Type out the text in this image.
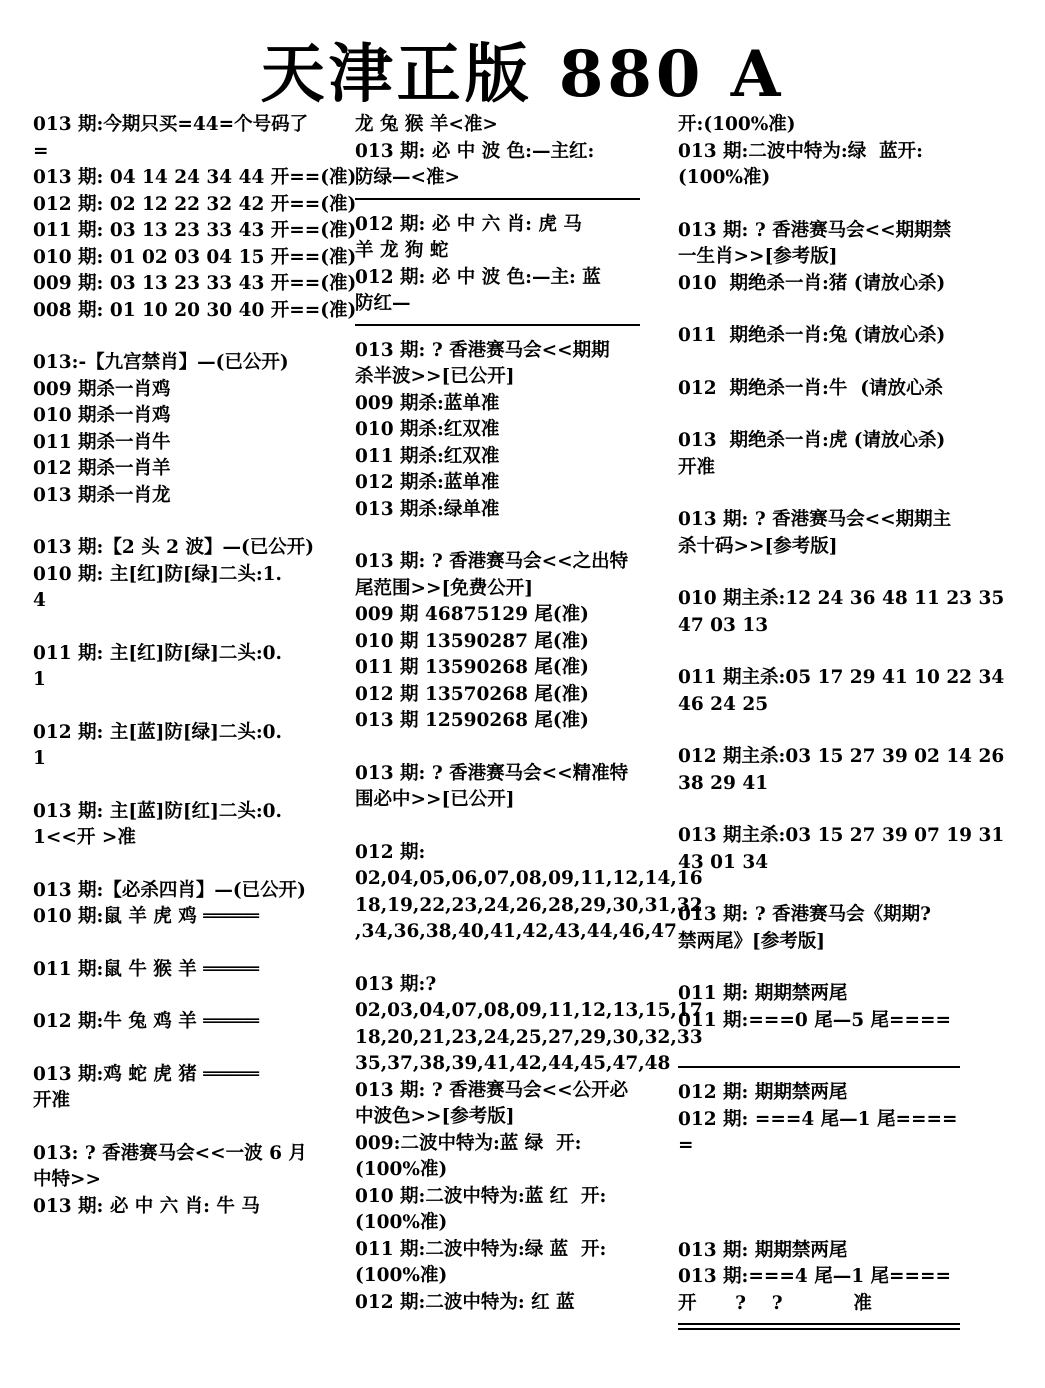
天津正版 880 A
013 期:今期只买=44=个号码了
=
013 期: 04 14 24 34 44 开==(准)
012 期: 02 12 22 32 42 开==(准)
011 期: 03 13 23 33 43 开==(准)
010 期: 01 02 03 04 15 开==(准)
009 期: 03 13 23 33 43 开==(准)
008 期: 01 10 20 30 40 开==(准)
013:-【九宫禁肖】—(已公开)
009 期杀一肖鸡
010 期杀一肖鸡
011 期杀一肖牛
012 期杀一肖羊
013 期杀一肖龙
013 期:【2 头 2 波】—(已公开)
010 期: 主[红]防[绿]二头:1.
4
011 期: 主[红]防[绿]二头:0.
1
012 期: 主[蓝]防[绿]二头:0.
1
013 期: 主[蓝]防[红]二头:0.
1<<开 >准
013 期:【必杀四肖】—(已公开)
010 期:鼠 羊 虎 鸡 ═════
011 期:鼠 牛 猴 羊 ═════
012 期:牛 兔 鸡 羊 ═════
013 期:鸡 蛇 虎 猪 ═════
开准
013: ? 香港赛马会<<一波 6 月
中特>>
013 期: 必 中 六 肖: 牛 马
龙 兔 猴 羊<准>
013 期: 必 中 波 色:—主红:
防绿—<准>
012 期: 必 中 六 肖: 虎 马
羊 龙 狗 蛇
012 期: 必 中 波 色:—主: 蓝
防红—
013 期: ? 香港赛马会<<期期
杀半波>>[已公开]
009 期杀:蓝单准
010 期杀:红双准
011 期杀:红双准
012 期杀:蓝单准
013 期杀:绿单准
013 期: ? 香港赛马会<<之出特
尾范围>>[免费公开]
009 期 46875129 尾(准)
010 期 13590287 尾(准)
011 期 13590268 尾(准)
012 期 13570268 尾(准)
013 期 12590268 尾(准)
013 期: ? 香港赛马会<<精准特
围必中>>[已公开]
012 期:
02,04,05,06,07,08,09,11,12,14,16
18,19,22,23,24,26,28,29,30,31,32
,34,36,38,40,41,42,43,44,46,47
013 期:?
02,03,04,07,08,09,11,12,13,15,17
18,20,21,23,24,25,27,29,30,32,33
35,37,38,39,41,42,44,45,47,48
013 期: ? 香港赛马会<<公开必
中波色>>[参考版]
009:二波中特为:蓝 绿  开:
(100%准)
010 期:二波中特为:蓝 红  开:
(100%准)
011 期:二波中特为:绿 蓝  开:
(100%准)
012 期:二波中特为: 红 蓝
开:(100%准)
013 期:二波中特为:绿  蓝开:
(100%准)
013 期: ? 香港赛马会<<期期禁
一生肖>>[参考版]
010  期绝杀一肖:猪 (请放心杀)
011  期绝杀一肖:兔 (请放心杀)
012  期绝杀一肖:牛  (请放心杀
013  期绝杀一肖:虎 (请放心杀)
开准
013 期: ? 香港赛马会<<期期主
杀十码>>[参考版]
010 期主杀:12 24 36 48 11 23 35
47 03 13
011 期主杀:05 17 29 41 10 22 34
46 24 25
012 期主杀:03 15 27 39 02 14 26
38 29 41
013 期主杀:03 15 27 39 07 19 31
43 01 34
013 期: ? 香港赛马会《期期?
禁两尾》[参考版]
011 期: 期期禁两尾
011 期:===0 尾—5 尾====
012 期: 期期禁两尾
012 期: ===4 尾—1 尾====
=
013 期: 期期禁两尾
013 期:===4 尾—1 尾====
开      ?    ?           准
